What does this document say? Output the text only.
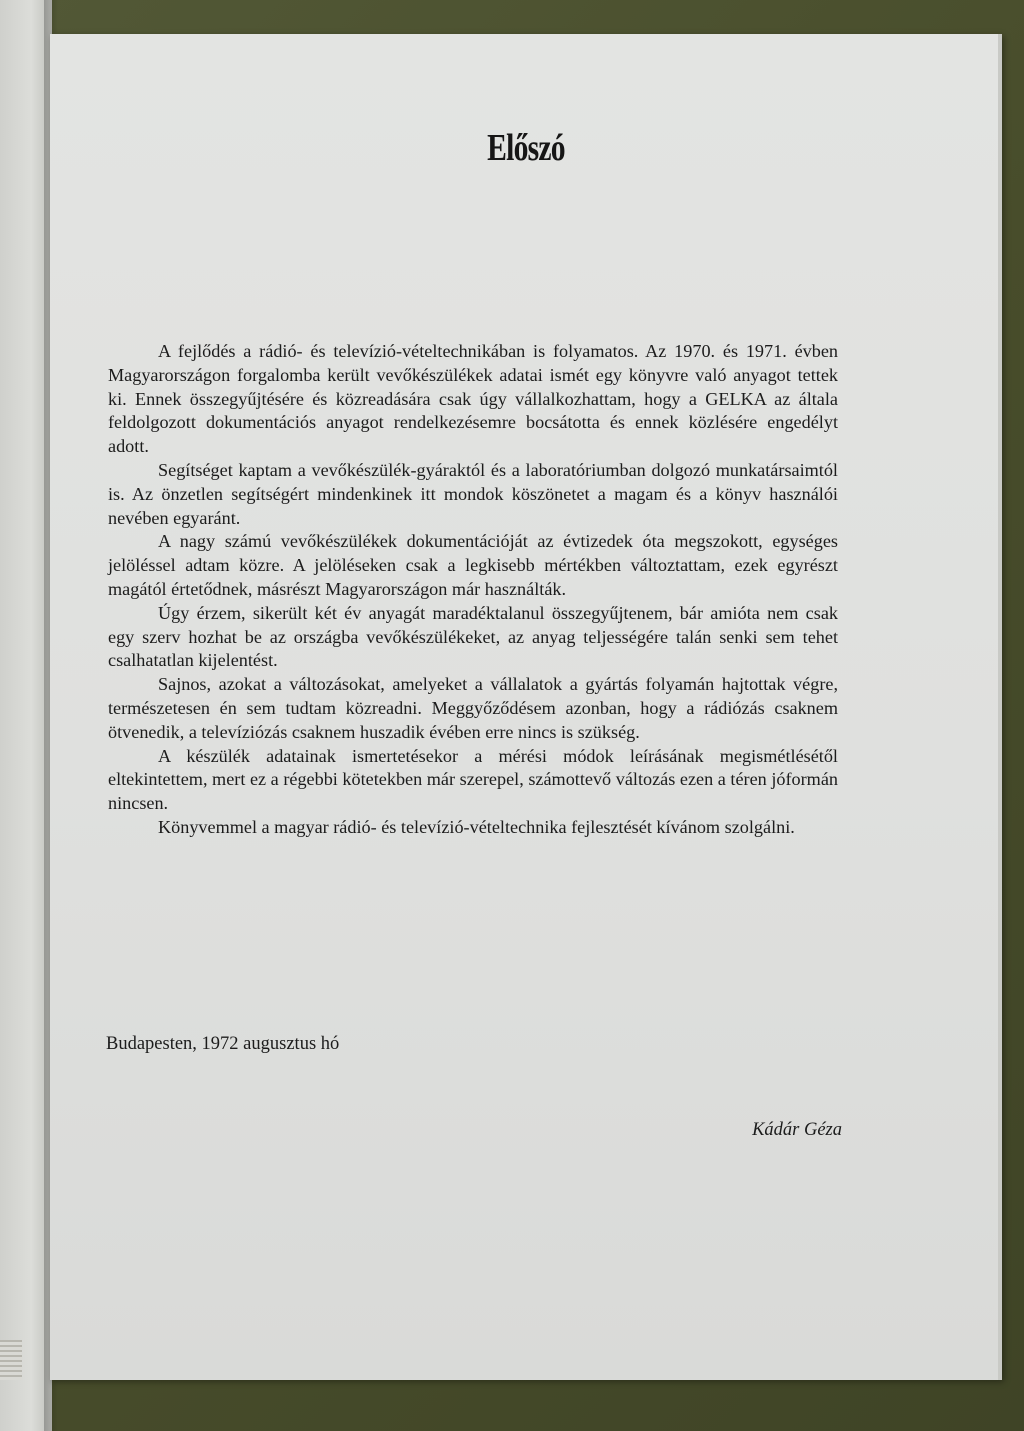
Előszó

A fejlődés a rádió- és televízió-vételtechnikában is folyamatos. Az 1970. és 1971. évben Magyarországon forgalomba került vevőkészülékek adatai ismét egy könyvre való anyagot tettek ki. Ennek összegyűjtésére és közreadására csak úgy vállalkozhattam, hogy a GELKA az általa feldolgozott dokumentációs anyagot rendelkezésemre bocsátotta és ennek közlésére engedélyt adott.

Segítséget kaptam a vevőkészülék-gyáraktól és a laboratóriumban dolgozó munkatársaimtól is. Az önzetlen segítségért mindenkinek itt mondok köszönetet a magam és a könyv használói nevében egyaránt.

A nagy számú vevőkészülékek dokumentációját az évtizedek óta megszokott, egységes jelöléssel adtam közre. A jelöléseken csak a legkisebb mértékben változtattam, ezek egyrészt magától értetődnek, másrészt Magyarországon már használták.

Úgy érzem, sikerült két év anyagát maradéktalanul összegyűjtenem, bár amióta nem csak egy szerv hozhat be az országba vevőkészülékeket, az anyag teljességére talán senki sem tehet csalhatatlan kijelentést.

Sajnos, azokat a változásokat, amelyeket a vállalatok a gyártás folyamán hajtottak végre, természetesen én sem tudtam közreadni. Meggyőződésem azonban, hogy a rádiózás csaknem ötvenedik, a televíziózás csaknem huszadik évében erre nincs is szükség.

A készülék adatainak ismertetésekor a mérési módok leírásának megismétlésétől eltekintettem, mert ez a régebbi kötetekben már szerepel, számottevő változás ezen a téren jóformán nincsen.

Könyvemmel a magyar rádió- és televízió-vételtechnika fejlesztését kívánom szolgálni.

Budapesten, 1972 augusztus hó
Kádár Géza
